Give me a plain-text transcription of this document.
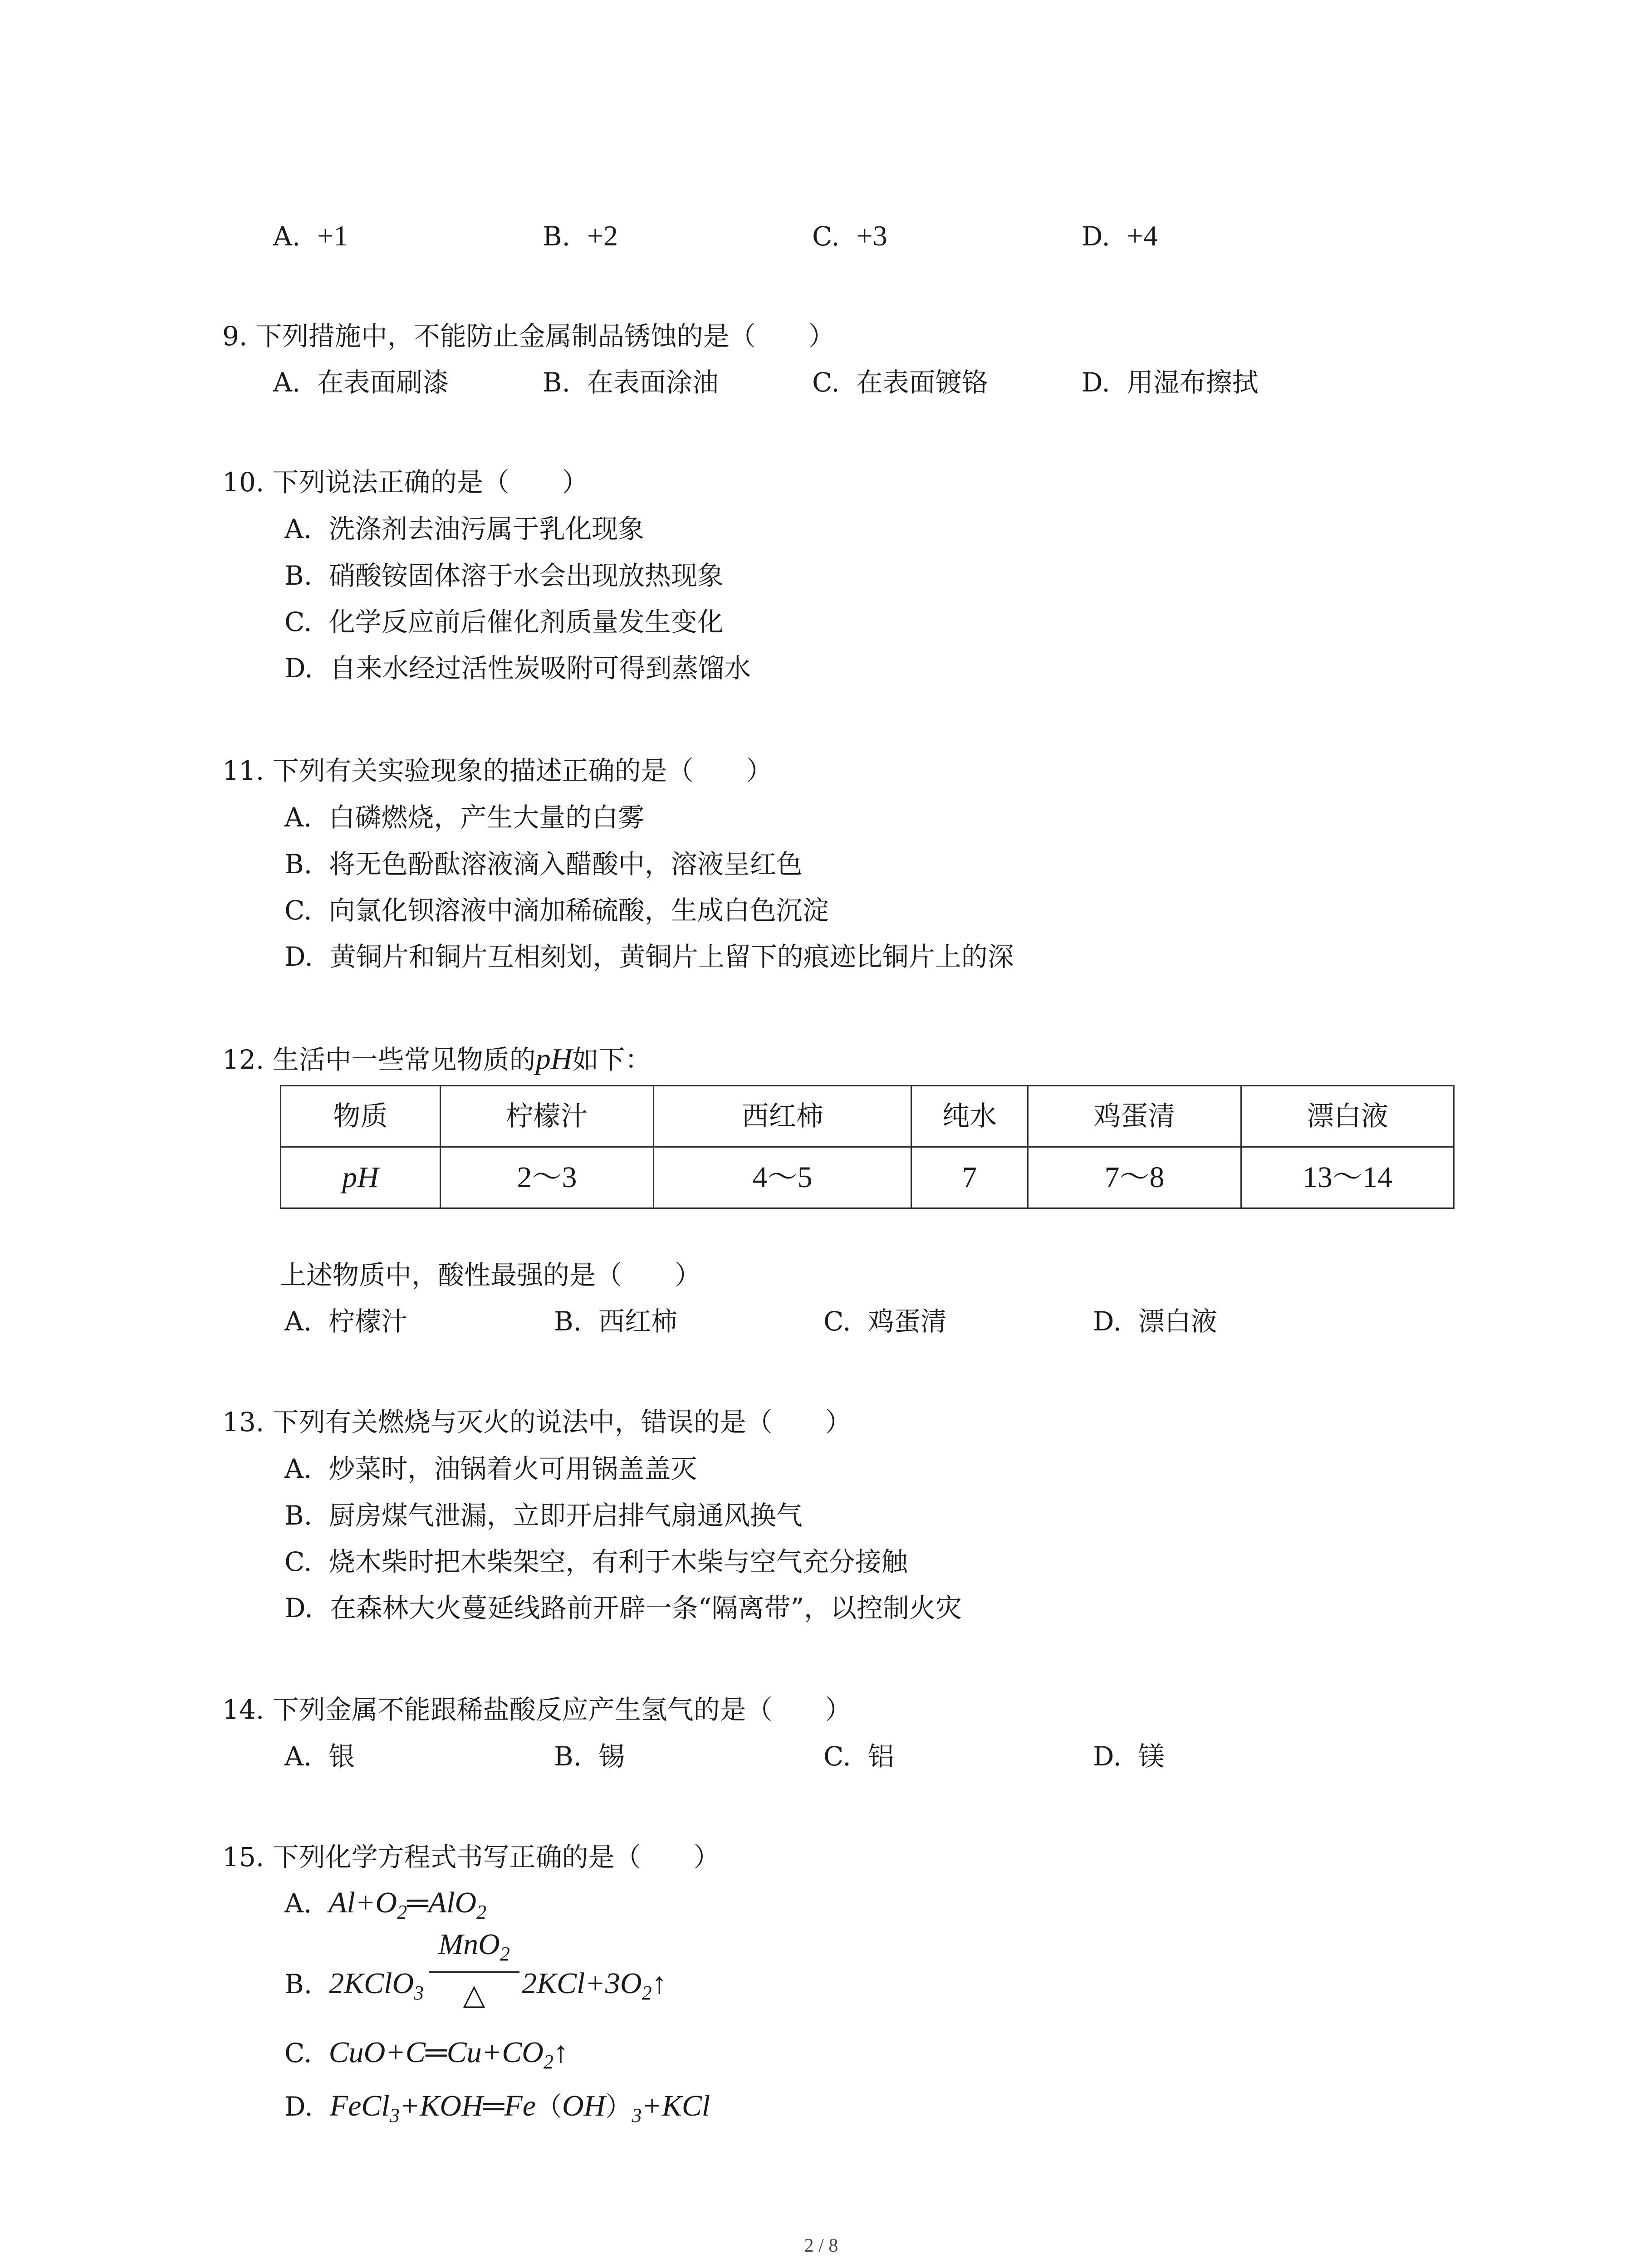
A. +1	B. +2	C. +3	D. +4
9. 下列措施中，不能防止金属制品锈蚀的是（　　）
A.  在表面刷漆	B.  在表面涂油	C.  在表面镀铬	D.  用湿布擦拭
10. 下列说法正确的是（　　）
A.  洗涤剂去油污属于乳化现象
B.  硝酸铵固体溶于水会出现放热现象
C.  化学反应前后催化剂质量发生变化
D.  自来水经过活性炭吸附可得到蒸馏水
11. 下列有关实验现象的描述正确的是（　　）
A.  白磷燃烧，产生大量的白雾
B.  将无色酚酞溶液滴入醋酸中，溶液呈红色
C.  向氯化钡溶液中滴加稀硫酸，生成白色沉淀
D.  黄铜片和铜片互相刻划，黄铜片上留下的痕迹比铜片上的深
12. 生活中一些常见物质的pH如下：
物质	柠檬汁	西红柿	纯水	鸡蛋清	漂白液
pH	2～3	4～5	7	7～8	13～14
上述物质中，酸性最强的是（　　）
A.  柠檬汁	B.  西红柿	C.  鸡蛋清	D.  漂白液
13. 下列有关燃烧与灭火的说法中，错误的是（　　）
A.  炒菜时，油锅着火可用锅盖盖灭
B.  厨房煤气泄漏，立即开启排气扇通风换气
C.  烧木柴时把木柴架空，有利于木柴与空气充分接触
D.  在森林大火蔓延线路前开辟一条“隔离带”，以控制火灾
14. 下列金属不能跟稀盐酸反应产生氢气的是（　　）
A.  银	B.  锡	C.  铝	D.  镁
15. 下列化学方程式书写正确的是（　　）
A. $Al+O_2═AlO_2$
B. 2KClO$_3$
MnO$_2$
△	$2KCl+3O_2↑$
C. $CuO+C═Cu+CO_2↑$
D. $FeCl_3+KOH═Fe(OH)_3+KCl$
2 / 8
